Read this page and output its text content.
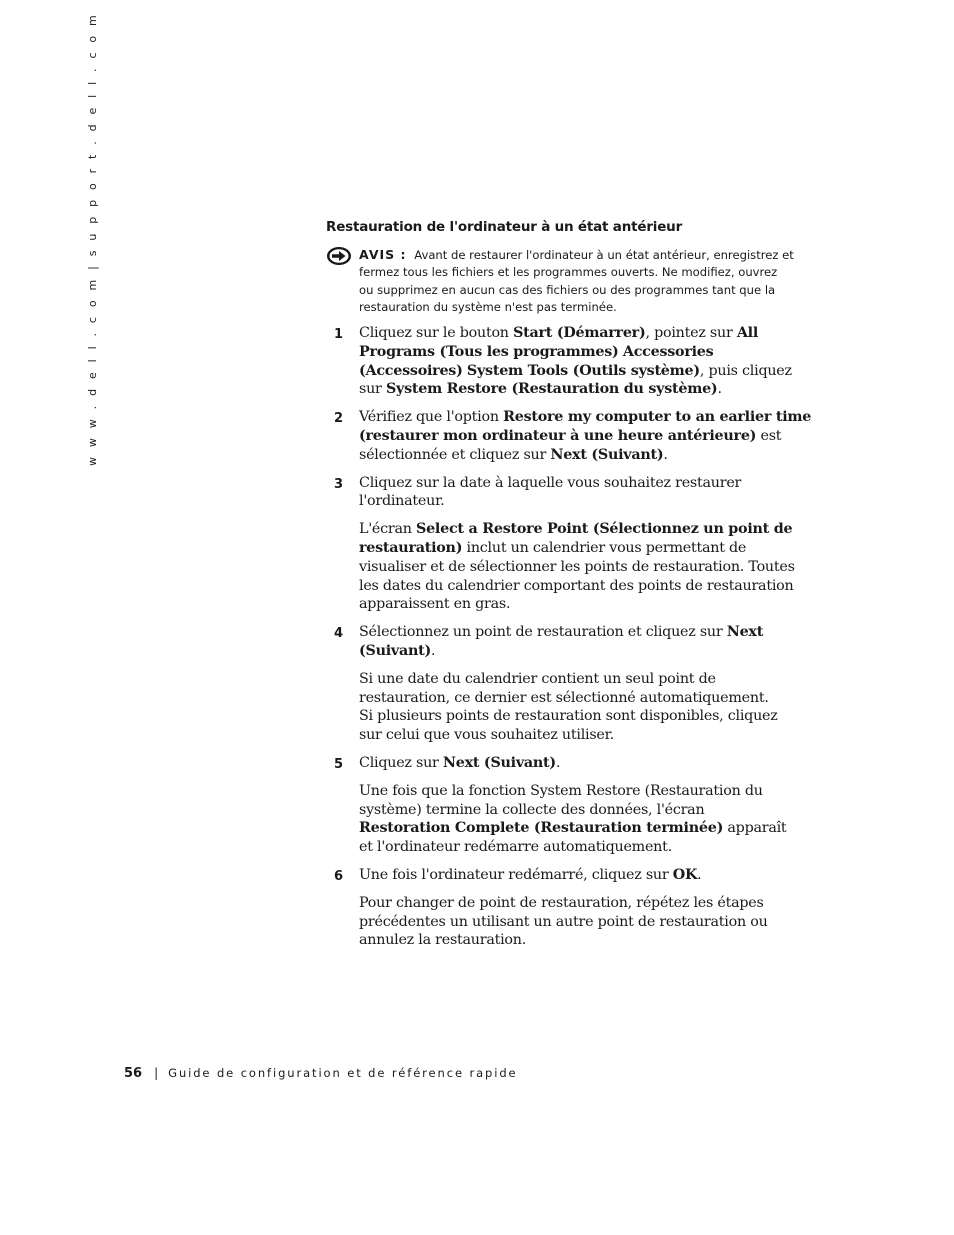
w w w . d e l l . c o m | s u p p o r t . d e l l . c o m	Restauration de l'ordinateur à un état antérieur
AVIS : Avant de restaurer l'ordinateur à un état antérieur, enregistrez et
fermez tous les fichiers et les programmes ouverts. Ne modifiez, ouvrez
ou supprimez en aucun cas des fichiers ou des programmes tant que la
restauration du système n'est pas terminée.
1	Cliquez sur le bouton Start (Démarrer), pointez sur All Programs (Tous les programmes) Accessories (Accessoires) System Tools (Outils système), puis cliquez sur System Restore (Restauration du système).

2	Vérifiez que l'option Restore my computer to an earlier time (restaurer mon ordinateur à une heure antérieure) est sélectionnée et cliquez sur Next (Suivant).

3	Cliquez sur la date à laquelle vous souhaitez restaurer l'ordinateur.

L'écran Select a Restore Point (Sélectionnez un point de restauration) inclut un calendrier vous permettant de visualiser et de sélectionner les points de restauration. Toutes les dates du calendrier comportant des points de restauration apparaissent en gras.

4	Sélectionnez un point de restauration et cliquez sur Next (Suivant).

Si une date du calendrier contient un seul point de restauration, ce dernier est sélectionné automatiquement. Si plusieurs points de restauration sont disponibles, cliquez sur celui que vous souhaitez utiliser.

5	Cliquez sur Next (Suivant).

Une fois que la fonction System Restore (Restauration du système) termine la collecte des données, l'écran Restoration Complete (Restauration terminée) apparaît et l'ordinateur redémarre automatiquement.

6	Une fois l'ordinateur redémarré, cliquez sur OK.

Pour changer de point de restauration, répétez les étapes précédentes un utilisant un autre point de restauration ou annulez la restauration.

56 | Guide de configuration et de référence rapide
